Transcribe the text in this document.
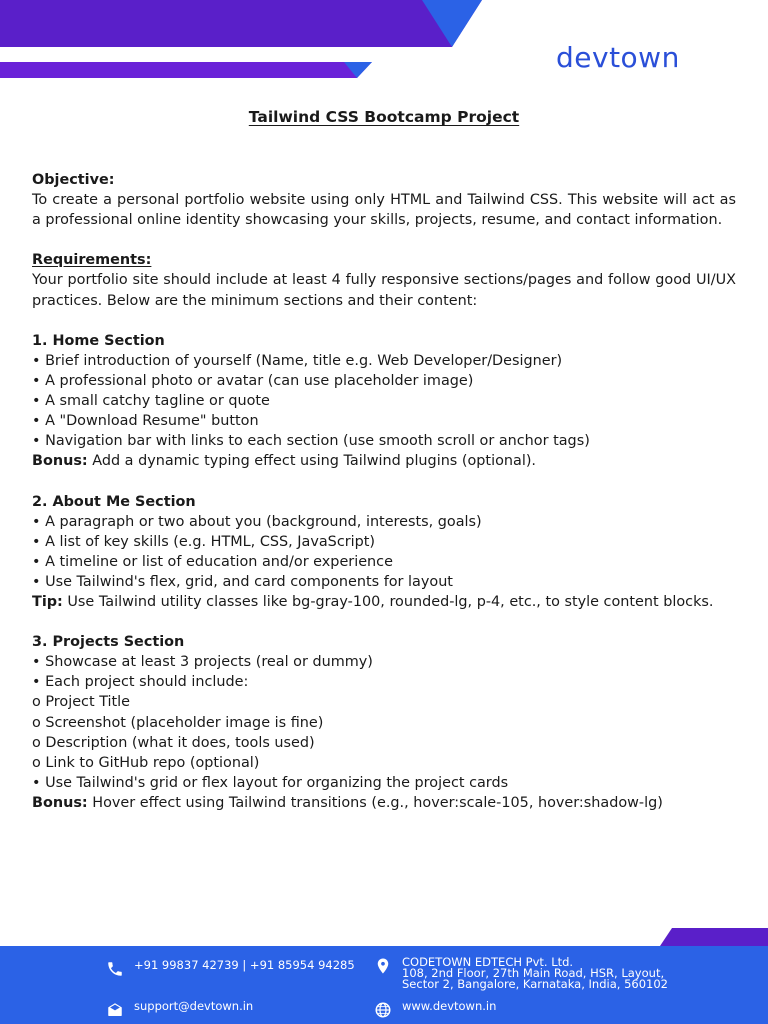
devtown
Tailwind CSS Bootcamp Project

Objective:

To create a personal portfolio website using only HTML and Tailwind CSS. This website will act as a professional online identity showcasing your skills, projects, resume, and contact information.

Requirements:

Your portfolio site should include at least 4 fully responsive sections/pages and follow good UI/UX practices. Below are the minimum sections and their content:

1. Home Section

• Brief introduction of yourself (Name, title e.g. Web Developer/Designer)

• A professional photo or avatar (can use placeholder image)

• A small catchy tagline or quote

• A "Download Resume" button

• Navigation bar with links to each section (use smooth scroll or anchor tags)

Bonus: Add a dynamic typing effect using Tailwind plugins (optional).

2. About Me Section

• A paragraph or two about you (background, interests, goals)

• A list of key skills (e.g. HTML, CSS, JavaScript)

• A timeline or list of education and/or experience

• Use Tailwind's flex, grid, and card components for layout

Tip: Use Tailwind utility classes like bg-gray-100, rounded-lg, p-4, etc., to style content blocks.

3. Projects Section

• Showcase at least 3 projects (real or dummy)

• Each project should include:

o Project Title

o Screenshot (placeholder image is fine)

o Description (what it does, tools used)

o Link to GitHub repo (optional)

• Use Tailwind's grid or flex layout for organizing the project cards

Bonus: Hover effect using Tailwind transitions (e.g., hover:scale-105, hover:shadow-lg)

+91 99837 42739 | +91 85954 94285
support@devtown.in
CODETOWN EDTECH Pvt. Ltd.
108, 2nd Floor, 27th Main Road, HSR, Layout,
Sector 2, Bangalore, Karnataka, India, 560102
www.devtown.in
